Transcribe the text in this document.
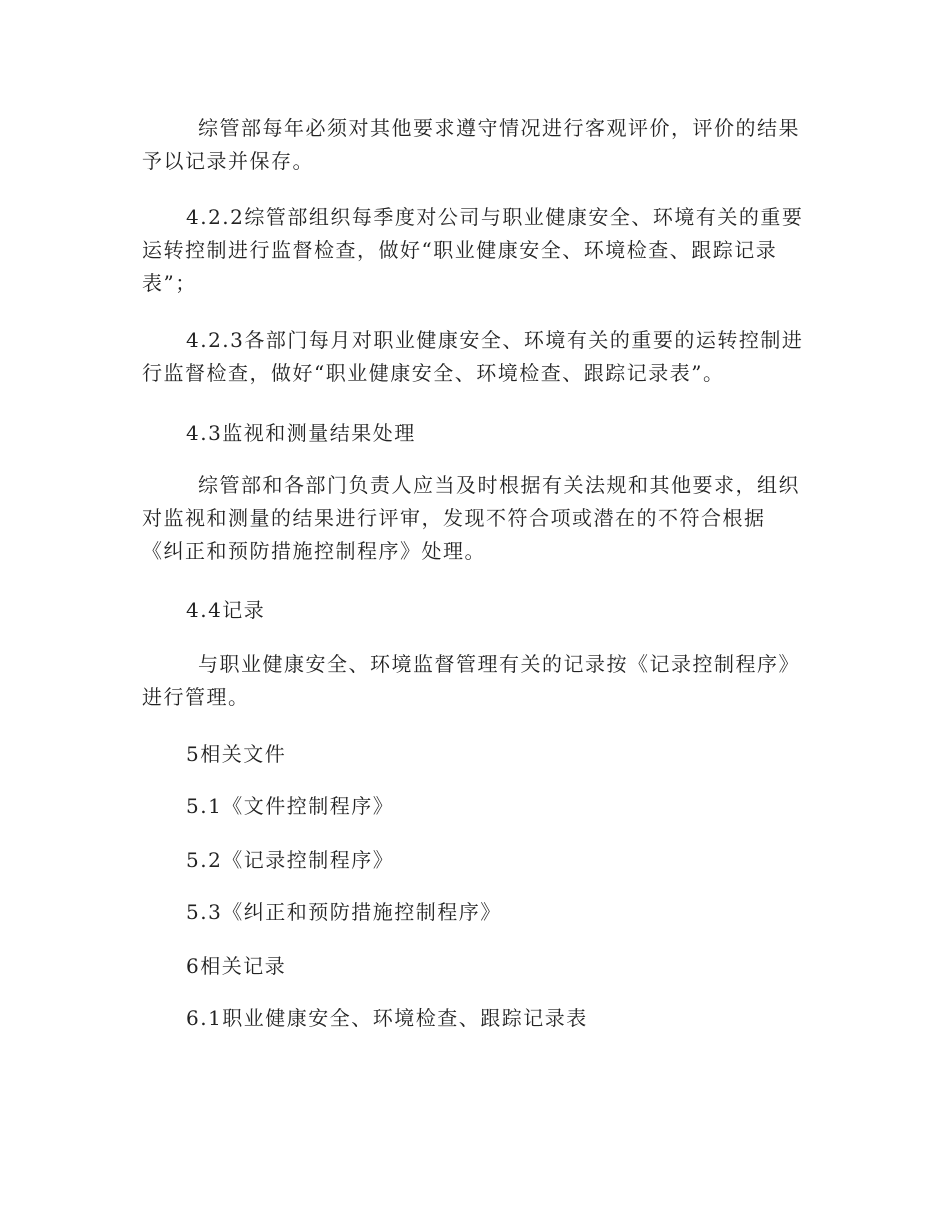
综管部每年必须对其他要求遵守情况进行客观评价，评价的结果予以记录并保存。

4.2.2综管部组织每季度对公司与职业健康安全、环境有关的重要运转控制进行监督检查，做好“职业健康安全、环境检查、跟踪记录表”；

4.2.3各部门每月对职业健康安全、环境有关的重要的运转控制进行监督检查，做好“职业健康安全、环境检查、跟踪记录表”。

4.3监视和测量结果处理

综管部和各部门负责人应当及时根据有关法规和其他要求，组织对监视和测量的结果进行评审，发现不符合项或潜在的不符合根据《纠正和预防措施控制程序》处理。

4.4记录

与职业健康安全、环境监督管理有关的记录按《记录控制程序》进行管理。

5相关文件

5.1《文件控制程序》

5.2《记录控制程序》

5.3《纠正和预防措施控制程序》

6相关记录

6.1职业健康安全、环境检查、跟踪记录表
